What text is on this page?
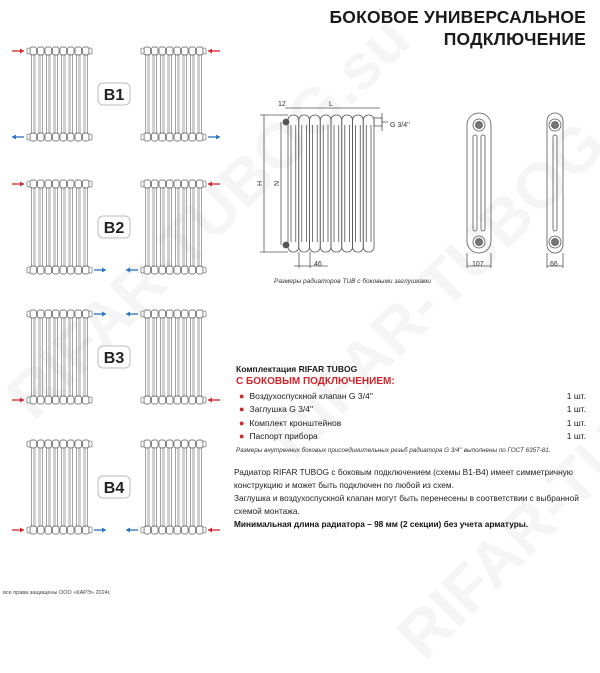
БОКОВОЕ УНИВЕРСАЛЬНОЕ
ПОДКЛЮЧЕНИЕ
B1
B2
B3
B4
12	L
G 3/4''
H N
46	107	66
Размеры радиаторов TUB с боковыми заглушками
Комплектация RIFAR TUBOG
С БОКОВЫМ ПОДКЛЮЧЕНИЕМ:
● Воздухоспускной клапан G 3/4''	1 шт.
● Заглушка G 3/4''	1 шт.
● Комплект кронштейнов	1 шт.
● Паспорт прибора	1 шт.
Размеры внутренних боковых присоединительных резьб радиатора G 3/4'' выполнены по ГОСТ 6357-81.
Радиатор RIFAR TUBOG с боковым подключением (схемы B1-B4) имеет симметричную конструкцию и может быть подключен по любой из схем.
Заглушка и воздухоспускной клапан могут быть перенесены в соответствии с выбранной схемой монтажа.
Минимальная длина радиатора – 98 мм (2 секции) без учета арматуры.
все права защищены ООО «КАРЭ» 2024г.
